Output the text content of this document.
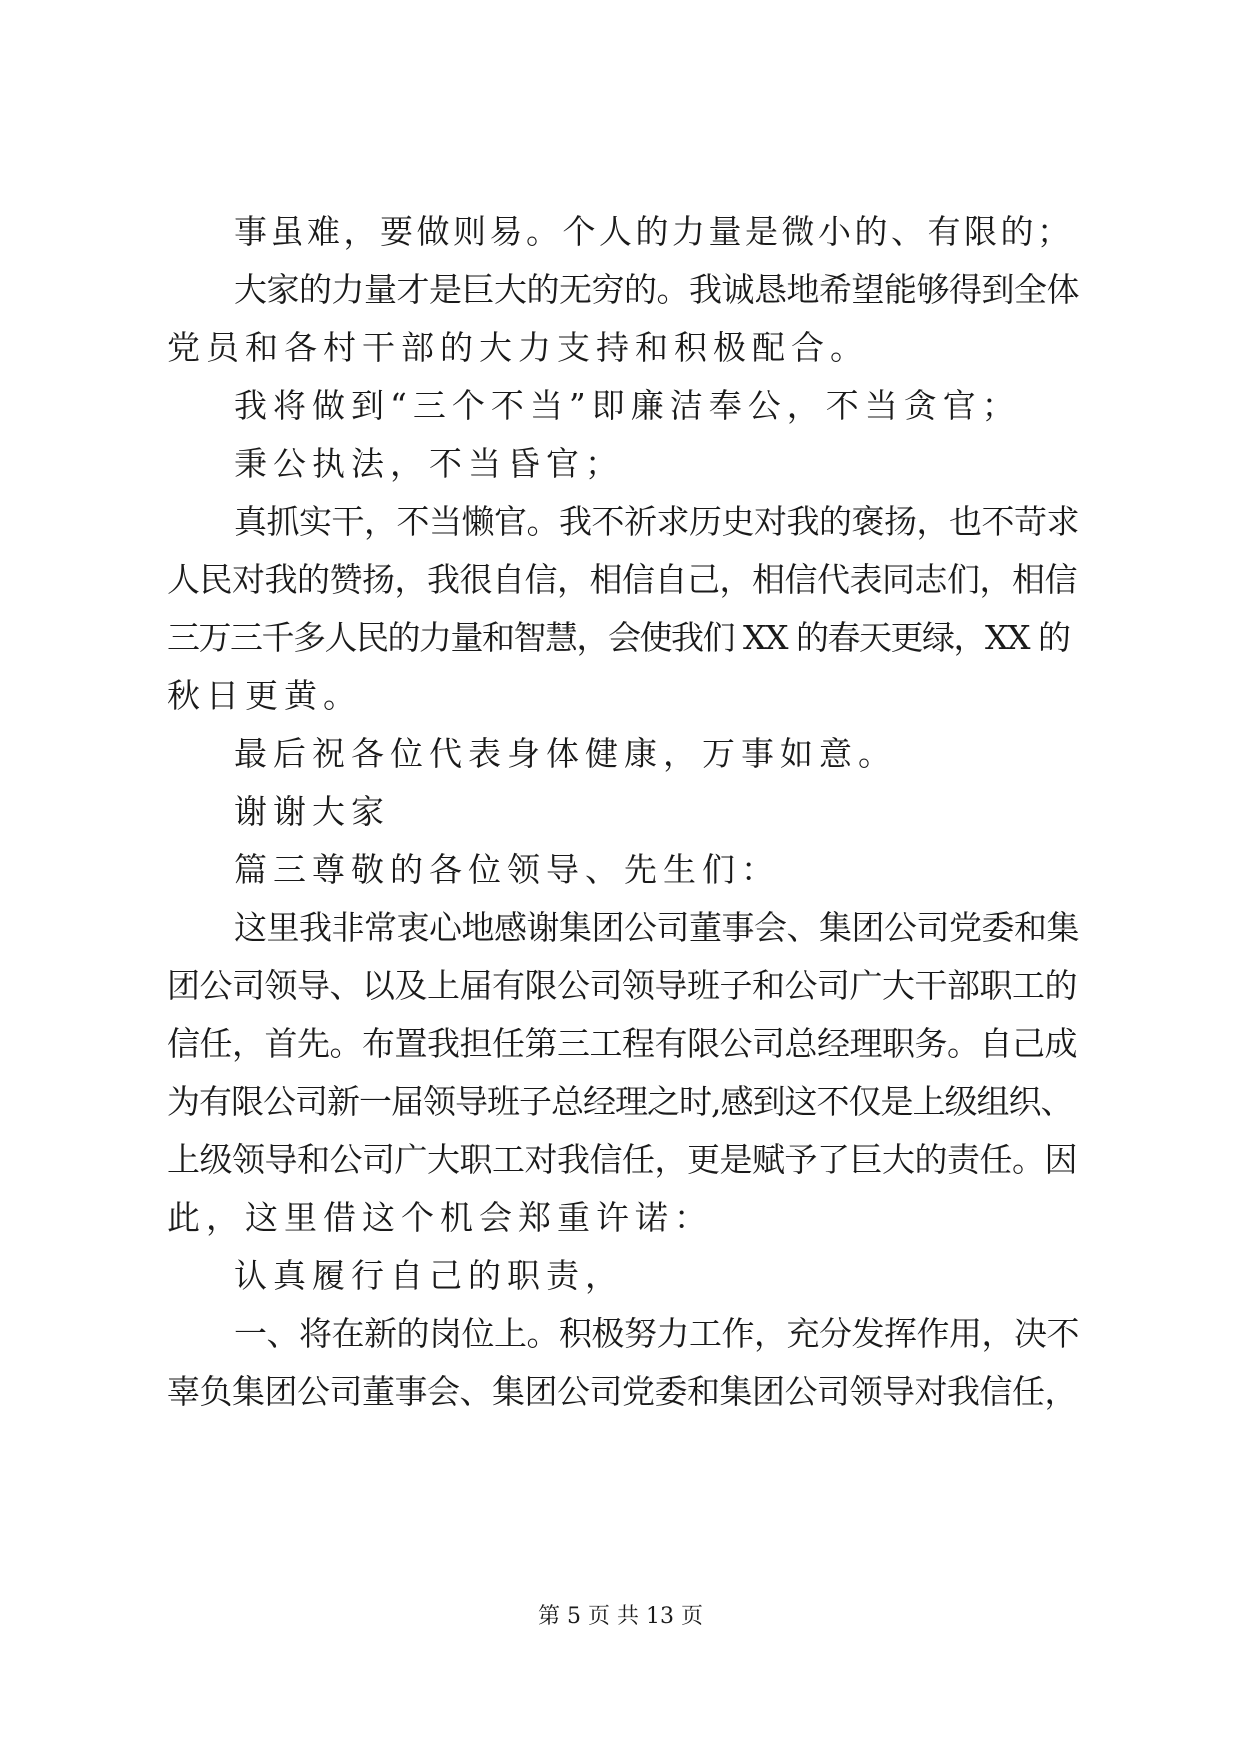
事虽难，要做则易。个人的力量是微小的、有限的；
大家的力量才是巨大的无穷的。我诚恳地希望能够得到全体
党员和各村干部的大力支持和积极配合。
我将做到“三个不当”即廉洁奉公，不当贪官；
秉公执法，不当昏官；
真抓实干，不当懒官。我不祈求历史对我的褒扬，也不苛求
人民对我的赞扬，我很自信，相信自己，相信代表同志们，相信
三万三千多人民的力量和智慧，会使我们 XX 的春天更绿，XX 的
秋日更黄。
最后祝各位代表身体健康，万事如意。
谢谢大家
篇三尊敬的各位领导、先生们：
这里我非常衷心地感谢集团公司董事会、集团公司党委和集
团公司领导、以及上届有限公司领导班子和公司广大干部职工的
信任，首先。布置我担任第三工程有限公司总经理职务。自己成
为有限公司新一届领导班子总经理之时,感到这不仅是上级组织、
上级领导和公司广大职工对我信任，更是赋予了巨大的责任。因
此，这里借这个机会郑重许诺：
认真履行自己的职责，
一、将在新的岗位上。积极努力工作，充分发挥作用，决不
辜负集团公司董事会、集团公司党委和集团公司领导对我信任，
第 5 页 共 13 页
